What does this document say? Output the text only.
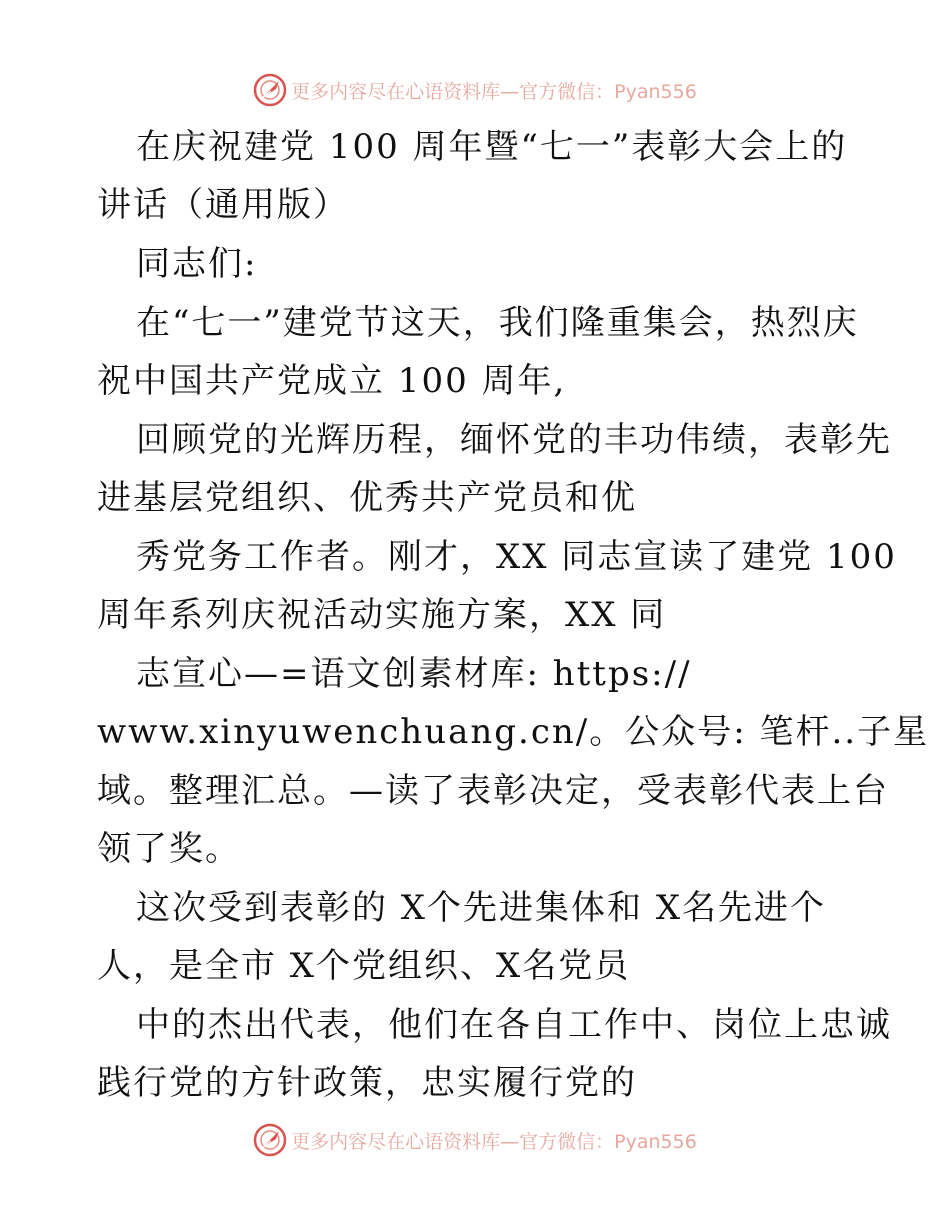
更多内容尽在心语资料库—官方微信：Pyan556
在庆祝建党 100 周年暨“七一”表彰大会上的
讲话（通用版）
同志们:
在“七一”建党节这天，我们隆重集会，热烈庆
祝中国共产党成立 100 周年,
回顾党的光辉历程，缅怀党的丰功伟绩，表彰先
进基层党组织、优秀共产党员和优
秀党务工作者。刚才，XX 同志宣读了建党 100
周年系列庆祝活动实施方案，XX 同
志宣心—=语文创素材库: https://
www.xinyuwenchuang.cn/。公众号: 笔杆..子星
域。整理汇总。—读了表彰决定，受表彰代表上台
领了奖。
这次受到表彰的 X个先进集体和 X名先进个
人，是全市 X个党组织、X名党员
中的杰出代表，他们在各自工作中、岗位上忠诚
践行党的方针政策，忠实履行党的
更多内容尽在心语资料库—官方微信：Pyan556
